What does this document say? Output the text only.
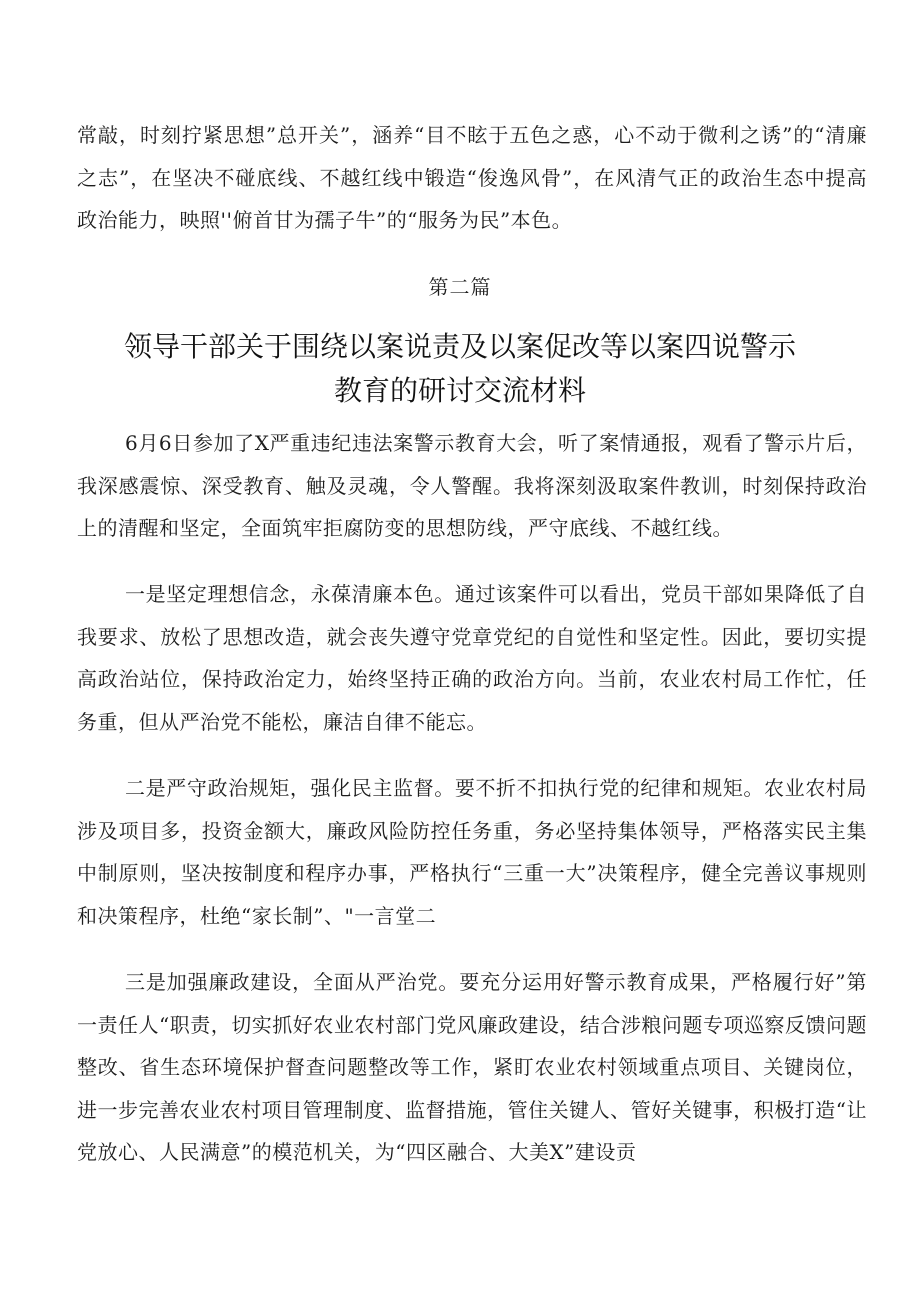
常敲，时刻拧紧思想”总开关”，涵养“目不眩于五色之惑，心不动于微利之诱”的“清廉之志”，在坚决不碰底线、不越红线中锻造“俊逸风骨”，在风清气正的政治生态中提高政治能力，映照''俯首甘为孺子牛”的“服务为民”本色。

第二篇

领导干部关于围绕以案说责及以案促改等以案四说警示教育的研讨交流材料

6月6日参加了X严重违纪违法案警示教育大会，听了案情通报，观看了警示片后，我深感震惊、深受教育、触及灵魂，令人警醒。我将深刻汲取案件教训，时刻保持政治上的清醒和坚定，全面筑牢拒腐防变的思想防线，严守底线、不越红线。

一是坚定理想信念，永葆清廉本色。通过该案件可以看出，党员干部如果降低了自我要求、放松了思想改造，就会丧失遵守党章党纪的自觉性和坚定性。因此，要切实提高政治站位，保持政治定力，始终坚持正确的政治方向。当前，农业农村局工作忙，任务重，但从严治党不能松，廉洁自律不能忘。

二是严守政治规矩，强化民主监督。要不折不扣执行党的纪律和规矩。农业农村局涉及项目多，投资金额大，廉政风险防控任务重，务必坚持集体领导，严格落实民主集中制原则，坚决按制度和程序办事，严格执行“三重一大”决策程序，健全完善议事规则和决策程序，杜绝“家长制”、"一言堂二

三是加强廉政建设，全面从严治党。要充分运用好警示教育成果，严格履行好”第一责任人“职责，切实抓好农业农村部门党风廉政建设，结合涉粮问题专项巡察反馈问题整改、省生态环境保护督查问题整改等工作，紧盯农业农村领域重点项目、关键岗位，进一步完善农业农村项目管理制度、监督措施，管住关键人、管好关键事，积极打造“让党放心、人民满意”的模范机关，为“四区融合、大美X”建设贡
